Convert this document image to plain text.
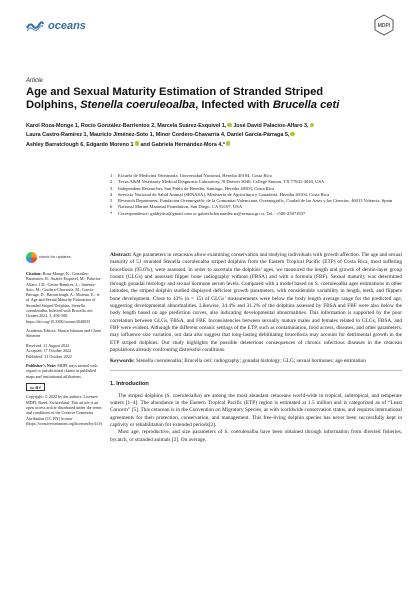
oceans	MDPI
Article
Age and Sexual Maturity Estimation of Stranded Striped
Dolphins, Stenella coeruleoalba, Infected with Brucella ceti
Karol Roza-Monge 1, Rocío González-Barrientos 2, Marcela Suárez-Esquivel 1, José David Palacios-Alfaro 3,
Laura Castro-Ramírez 1, Mauricio Jiménez-Soto 1, Minor Cordero-Chavarría 4, Daniel García-Párraga 5,
Ashley Barratclough 6, Edgardo Moreno 1 and Gabriela Hernández-Mora 4,*
1	Escuela de Medicina Veterinaria, Universidad Nacional, Heredia 40104, Costa Rica
2	Texas A&M Veterinary Medical Diagnostic Laboratory, ¹0 Drawer 3040, College Station, TX 77841-3040, USA
3	Independent Researcher, San Pablo de Heredia, Santiago, Heredia 40503, Costa Rica
4	Servicio Nacional de Salud Animal (SENASA), Ministerio de Agricultura y Ganadería, Heredia 40104, Costa Rica
5	Research Department, Fundación Oceanogràfic de la Comunitat Valenciana, Oceanogràfic, Ciudad de las Artes y las Ciencias, 46013 Valencia, Spain
6	National Marine Mammal Foundation, San Diego, CA 92107, USA
*	Correspondence: gabbytica@gmail.com or gabriela.hernandez.m@senasa.go.cr; Tel.: +506-25871837
check for updates
Citation: Roza-Monge, K.; González-Barrientos, R.; Suárez-Esquivel, M.; Palacios-Alfaro, J.D.; Castro-Ramírez, L.; Jiménez-Soto, M.; Cordero-Chavarría, M.; García-Párraga, D.; Barratclough, A.; Moreno, E.; et al. Age and Sexual Maturity Estimation of Stranded Striped Dolphins, Stenella coeruleoalba, Infected with Brucella ceti. Oceans 2022, 3, 494-508. https://doi.org/10.3390/oceans3040033
Academic Editors: Shawn Johnson and Claire Simeone
Received: 21 August 2022
Accepted: 17 October 2022
Published: 31 October 2022
Publisher’s Note: MDPI stays neutral with regard to jurisdictional claims in published maps and institutional affiliations.
cc BY
Copyright: © 2022 by the authors. Licensee MDPI, Basel, Switzerland. This article is an open access article distributed under the terms and conditions of the Creative Commons Attribution (CC BY) license (https://creativecommons.org/licenses/by/4.0/).

Abstract: Age parameters in cetaceans allow examining conservation and studying individuals with growth affection. The age and sexual maturity of 51 stranded Stenella coeruleoalba striped dolphins from the Eastern Tropical Pacific (ETP) of Costa Rica, most suffering brucellosis (95.6%), were assessed. In order to ascertain the dolphins’ ages, we measured the length and growth of dentin-layer group counts (GLGs) and assessed flipper bone radiography without (FBSA) and with a formula (FBF). Sexual maturity was determined through gonadal histology and sexual hormone serum levels. Compared with a model based on S. coeruleoalba ages estimations in other latitudes, the striped dolphin studied displayed deficient growth parameters, with considerable variability in length, teeth, and flippers bone development. Close to 43% (n = 15) of GLGs’ measurements were below the body length average range for the predicted age, suggesting developmental abnormalities. Likewise, 34.4% and 31.2% of the dolphins assessed by FBSA and FBF were also below the body length based on age prediction curves, also indicating developmental abnormalities. This information is supported by the poor correlation between GLGs, FBSA, and FBF. Inconsistencies between sexually mature males and females related to GLGs, FBSA, and FBF were evident. Although the different oceanic settings of the ETP, such as contamination, food access, diseases, and other parameters, may influence size variation, our data also suggest that long-lasting debilitating brucellosis may account for detrimental growth in the ETP striped dolphins. Our study highlights the possible deleterious consequences of chronic infectious diseases in the cetacean populations already confronting distressful conditions.

Keywords: Stenella coeruleoalba; Brucella ceti; radiography; gonadal histology; GLG; sexual hormones; age estimation

1. Introduction

The striped dolphins (S. coeruleoalba) are among the most abundant cetaceans world-wide in tropical, subtropical, and temperate waters [1–4]. The abundance in the Eastern Tropical Pacific (ETP) region is estimated at 1.5 million and is categorized as of “Least Concern” [5]. This cetacean is in the Convention on Migratory Species, as with worldwide conservation status, and requires international agreements for their protection, conservation, and management. This free-living dolphin species has never been successfully kept in captivity or rehabilitation for extended periods[2].

Most age, reproductive, and size parameters of S. coeruleoalba have been obtained through information from directed fisheries, bycatch, or stranded animals [2]. On average,
